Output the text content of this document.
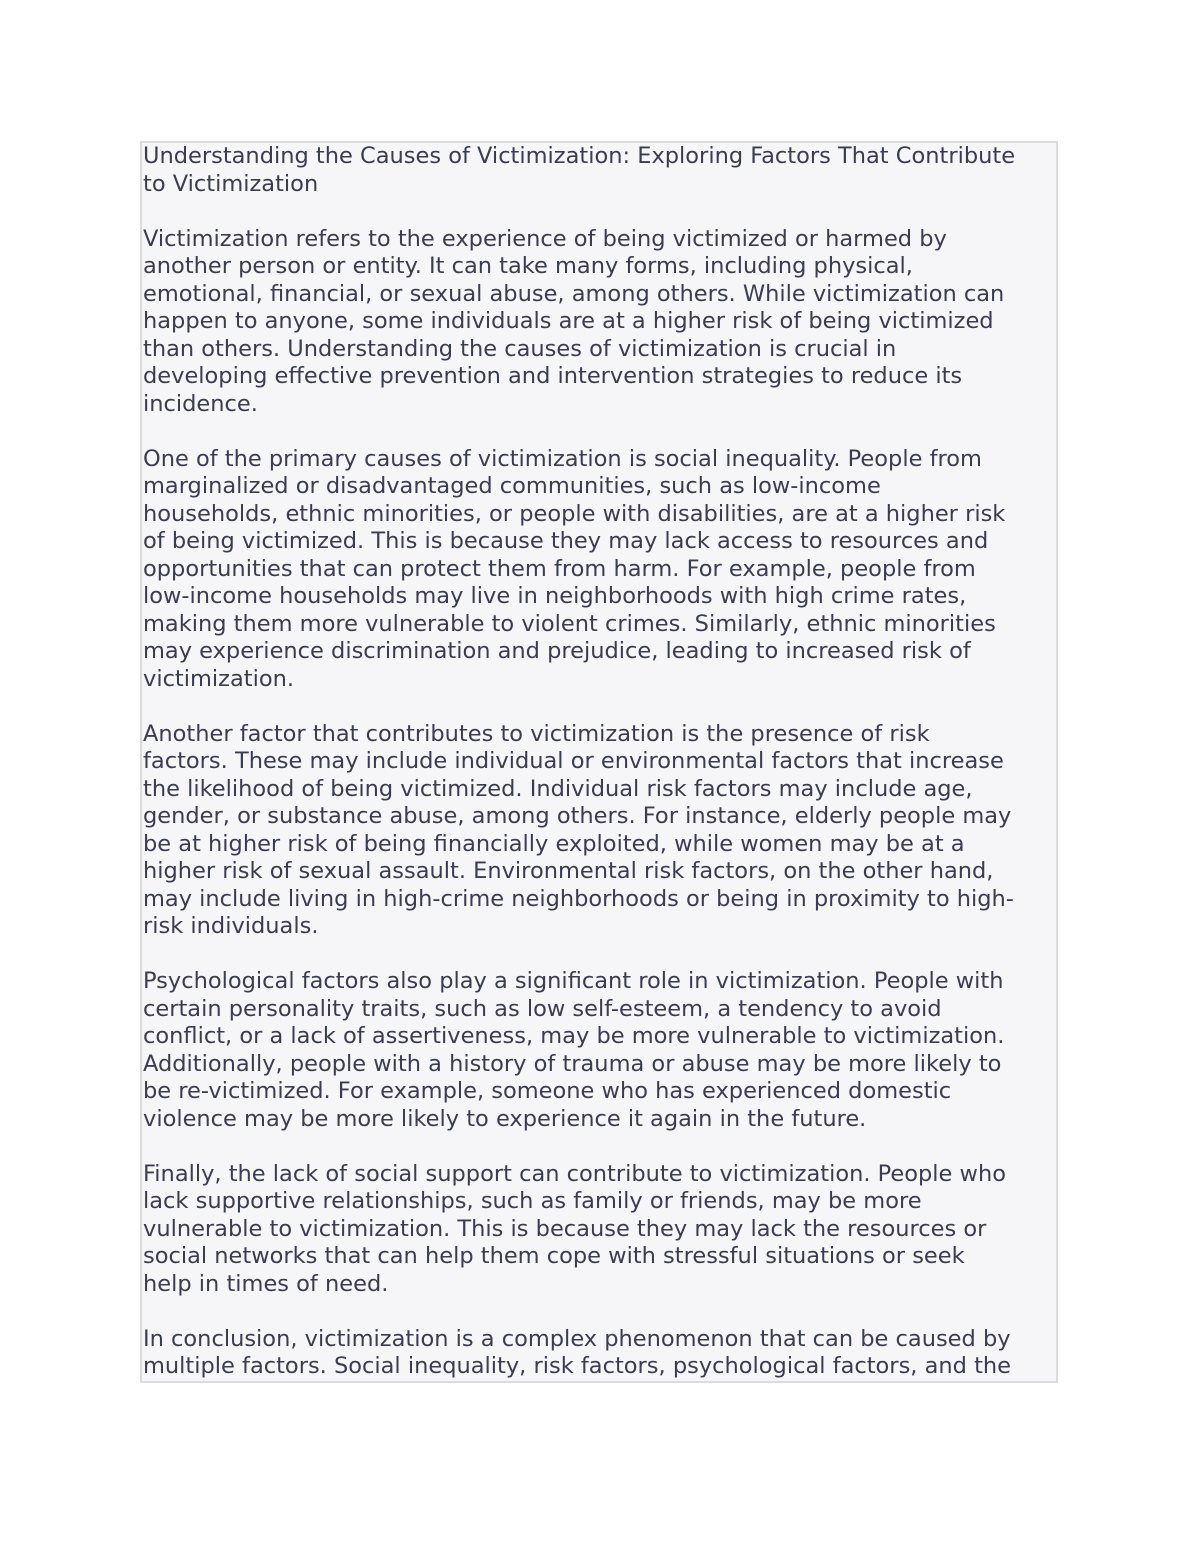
Understanding the Causes of Victimization: Exploring Factors That Contribute
to Victimization

Victimization refers to the experience of being victimized or harmed by
another person or entity. It can take many forms, including physical,
emotional, financial, or sexual abuse, among others. While victimization can
happen to anyone, some individuals are at a higher risk of being victimized
than others. Understanding the causes of victimization is crucial in
developing effective prevention and intervention strategies to reduce its
incidence.

One of the primary causes of victimization is social inequality. People from
marginalized or disadvantaged communities, such as low-income
households, ethnic minorities, or people with disabilities, are at a higher risk
of being victimized. This is because they may lack access to resources and
opportunities that can protect them from harm. For example, people from
low-income households may live in neighborhoods with high crime rates,
making them more vulnerable to violent crimes. Similarly, ethnic minorities
may experience discrimination and prejudice, leading to increased risk of
victimization.

Another factor that contributes to victimization is the presence of risk
factors. These may include individual or environmental factors that increase
the likelihood of being victimized. Individual risk factors may include age,
gender, or substance abuse, among others. For instance, elderly people may
be at higher risk of being financially exploited, while women may be at a
higher risk of sexual assault. Environmental risk factors, on the other hand,
may include living in high-crime neighborhoods or being in proximity to high-
risk individuals.

Psychological factors also play a significant role in victimization. People with
certain personality traits, such as low self-esteem, a tendency to avoid
conflict, or a lack of assertiveness, may be more vulnerable to victimization.
Additionally, people with a history of trauma or abuse may be more likely to
be re-victimized. For example, someone who has experienced domestic
violence may be more likely to experience it again in the future.

Finally, the lack of social support can contribute to victimization. People who
lack supportive relationships, such as family or friends, may be more
vulnerable to victimization. This is because they may lack the resources or
social networks that can help them cope with stressful situations or seek
help in times of need.

In conclusion, victimization is a complex phenomenon that can be caused by
multiple factors. Social inequality, risk factors, psychological factors, and the
